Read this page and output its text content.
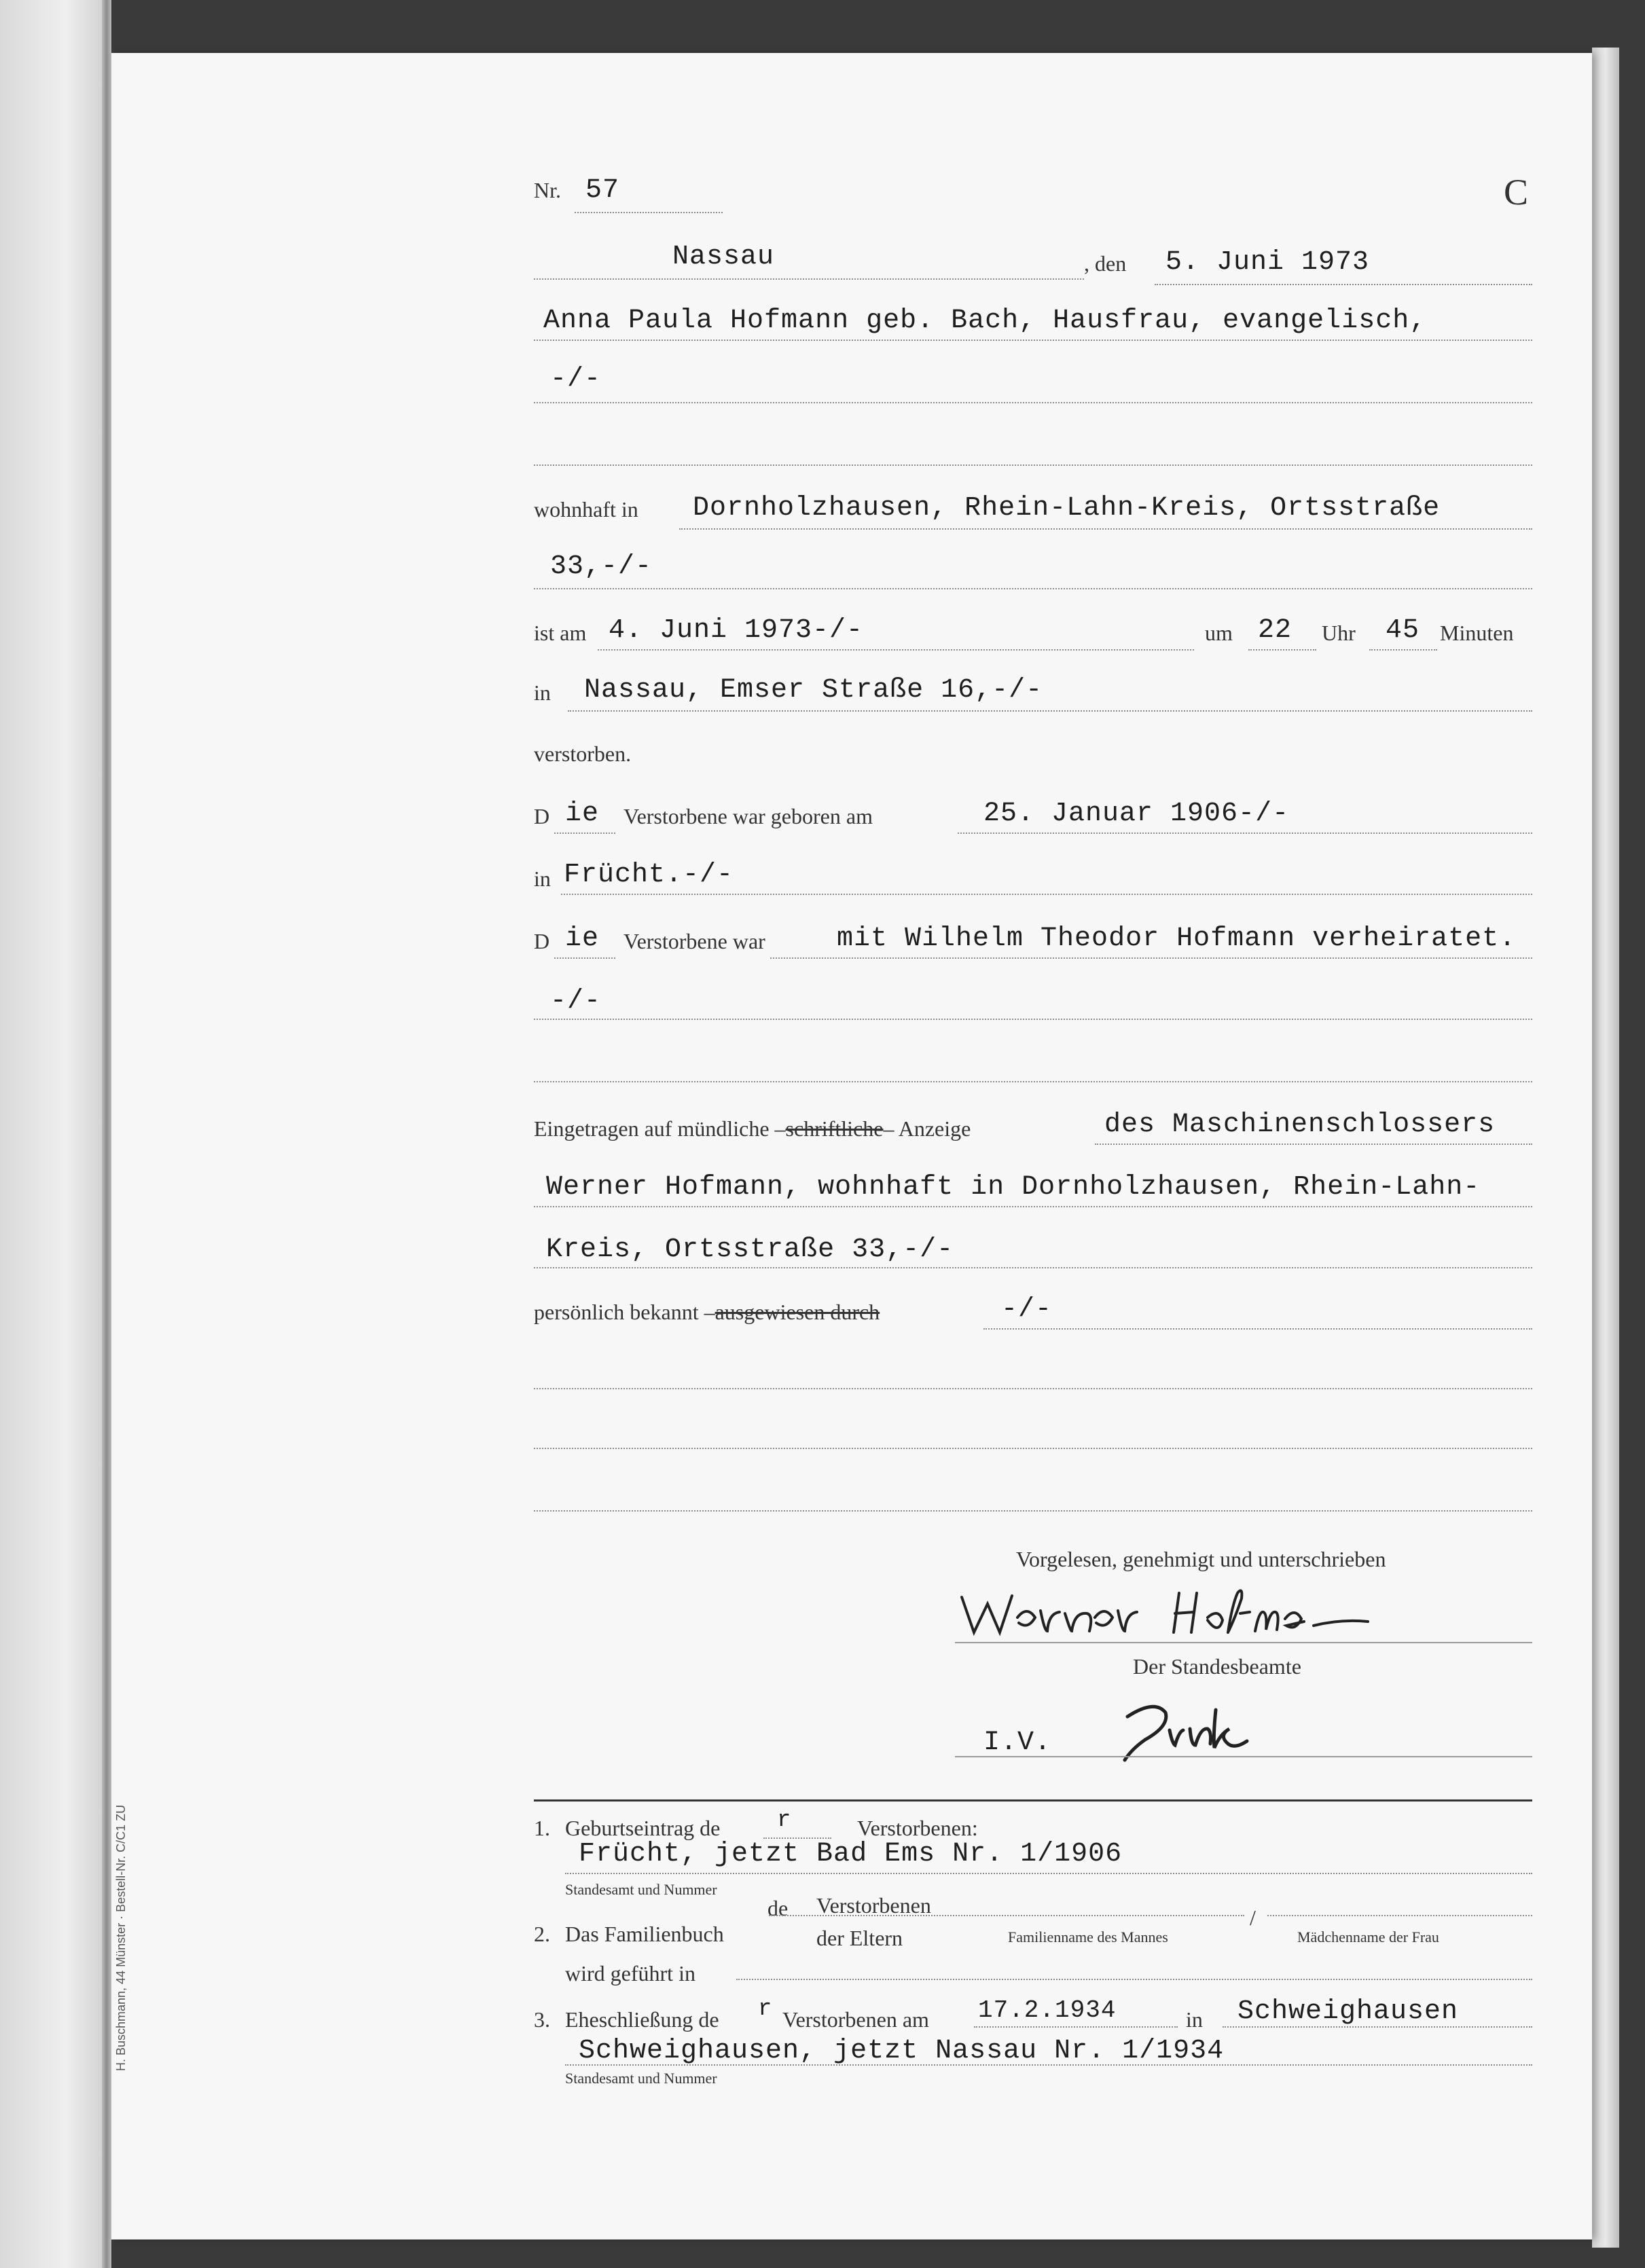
H. Buschmann, 44 Münster · Bestell-Nr. C/C1 ZU
Nr. 57	C
Nassau	, den 5. Juni 1973
Anna Paula Hofmann geb. Bach, Hausfrau, evangelisch,
-/-
wohnhaft in Dornholzhausen, Rhein-Lahn-Kreis, Ortsstraße
33,-/-
ist am 4. Juni 1973-/-	um 22 Uhr 45 Minuten
in Nassau, Emser Straße 16,-/-
verstorben.
D ie Verstorbene war geboren am	25. Januar 1906-/-
in Frücht.-/-
D ie Verstorbene war	mit Wilhelm Theodor Hofmann verheiratet.
-/-
Eingetragen auf mündliche –schriftliche– Anzeige	des Maschinenschlossers
Werner Hofmann, wohnhaft in Dornholzhausen, Rhein-Lahn-
Kreis, Ortsstraße 33,-/-
persönlich bekannt –ausgewiesen durch	-/-
Vorgelesen, genehmigt und unterschrieben
Der Standesbeamte
I.V.
1. Geburtseintrag de r	Verstorbenen:
Frücht, jetzt Bad Ems Nr. 1/1906
Standesamt und Nummer
de Verstorbenen
2. Das Familienbuch	der Eltern
/
Familienname des Mannes	Mädchenname der Frau
wird geführt in
3. Eheschließung de r Verstorbenen am 17.2.1934	in Schweighausen
Schweighausen, jetzt Nassau Nr. 1/1934
Standesamt und Nummer
